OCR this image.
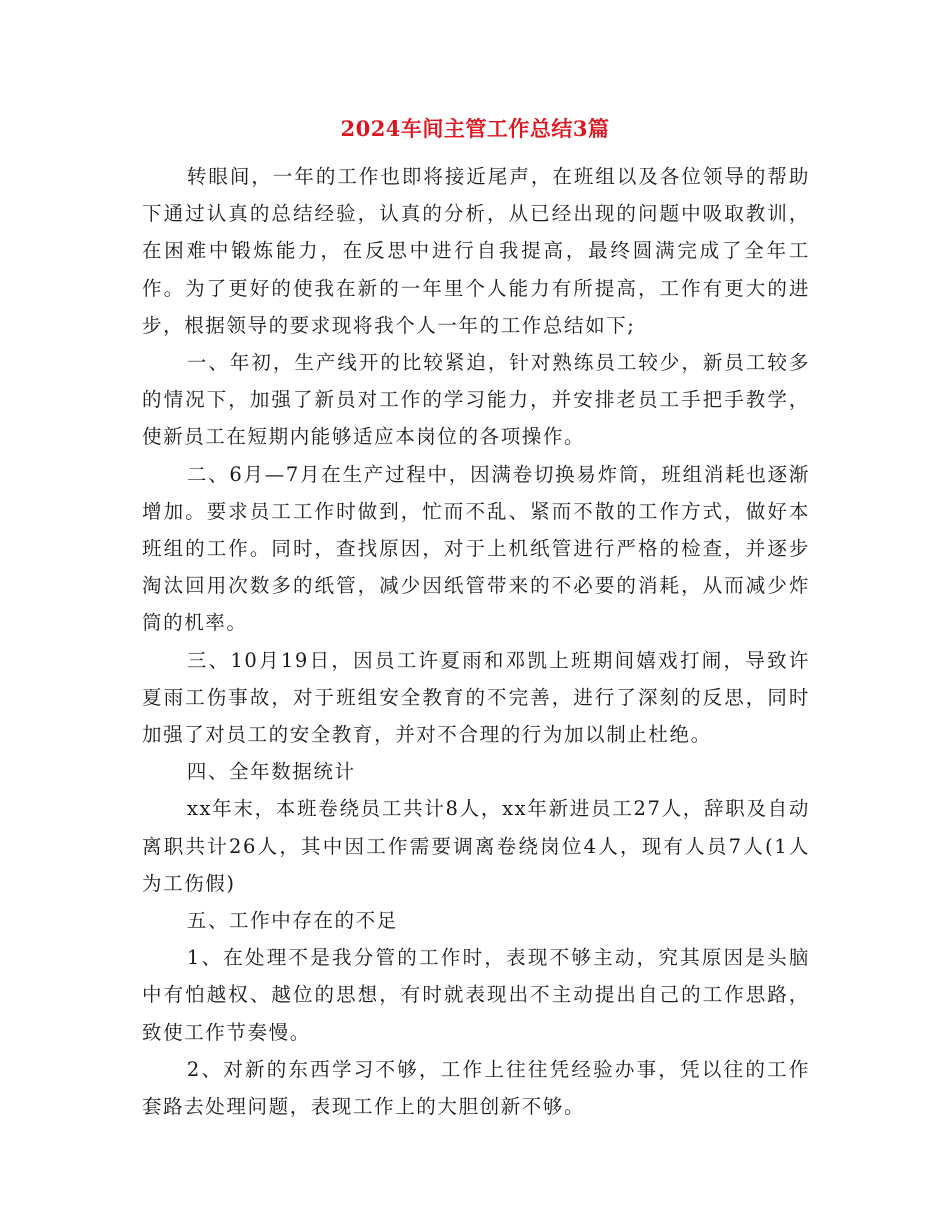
2024车间主管工作总结3篇

转眼间，一年的工作也即将接近尾声，在班组以及各位领导的帮助下通过认真的总结经验，认真的分析，从已经出现的问题中吸取教训，在困难中锻炼能力，在反思中进行自我提高，最终圆满完成了全年工作。为了更好的使我在新的一年里个人能力有所提高，工作有更大的进步，根据领导的要求现将我个人一年的工作总结如下;

一、年初，生产线开的比较紧迫，针对熟练员工较少，新员工较多的情况下，加强了新员对工作的学习能力，并安排老员工手把手教学，使新员工在短期内能够适应本岗位的各项操作。

二、6月—7月在生产过程中，因满卷切换易炸筒，班组消耗也逐渐增加。要求员工工作时做到，忙而不乱、紧而不散的工作方式，做好本班组的工作。同时，查找原因，对于上机纸管进行严格的检查，并逐步淘汰回用次数多的纸管，减少因纸管带来的不必要的消耗，从而减少炸筒的机率。

三、10月19日，因员工许夏雨和邓凯上班期间嬉戏打闹，导致许夏雨工伤事故，对于班组安全教育的不完善，进行了深刻的反思，同时加强了对员工的安全教育，并对不合理的行为加以制止杜绝。

四、全年数据统计

xx年末，本班卷绕员工共计8人，xx年新进员工27人，辞职及自动离职共计26人，其中因工作需要调离卷绕岗位4人，现有人员7人(1人为工伤假)

五、工作中存在的不足

1、在处理不是我分管的工作时，表现不够主动，究其原因是头脑中有怕越权、越位的思想，有时就表现出不主动提出自己的工作思路，致使工作节奏慢。

2、对新的东西学习不够，工作上往往凭经验办事，凭以往的工作套路去处理问题，表现工作上的大胆创新不够。
